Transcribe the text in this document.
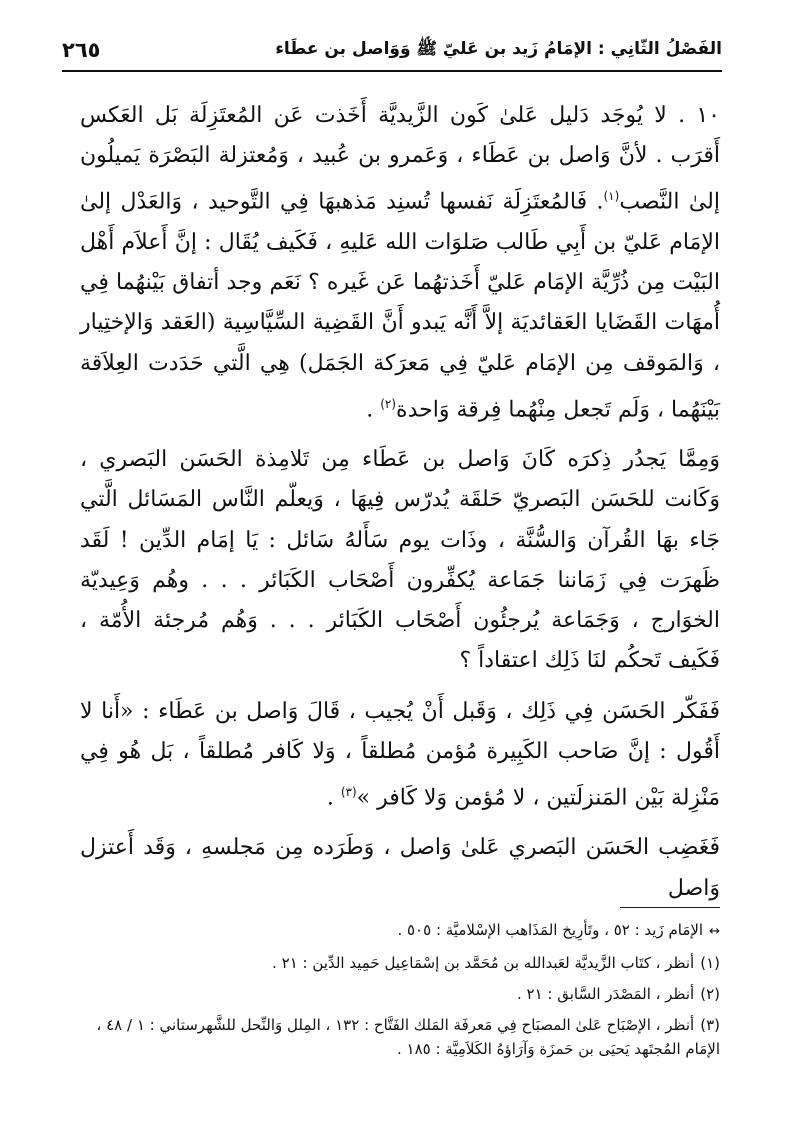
الفَصْلُ الثّانِي : الإمَامُ زَيد بن عَليّ ﷺ وَوَاصل بن عطَاء
٢٦٥

١٠ . لا يُوجَد دَليل عَلىٰ كَون الزَّيديَّة أَخَذت عَن المُعتَزِلَة بَل العَكس أَقرَب . لأنَّ وَاصل بن عَطَاء ، وَعَمرو بن عُبيد ، وَمُعتزلة البَصْرَة يَميلُون إلىٰ النَّصب$^{(١)}$. فَالمُعتَزِلَة نَفسها تُسنِد مَذهبهَا فِي التَّوحيد ، وَالعَدْل إلىٰ الإمَام عَليّ بن أَبِي طَالب صَلوَات الله عَليهِ ، فَكَيف يُقَال : إنَّ أَعلاَم أَهْل البَيْت مِن ذُرِّيَّة الإمَام عَليّ أَخَذتهُما عَن غَيره ؟ نَعَم وجد أتفاق بَيْنهُما فِي أُمهَات القَضَايا العَقائديَة إلاَّ أَنَّه يَبدو أَنَّ القَضِية السِّيَّاسِية (العَقد وَالإختِيار ، وَالمَوقف مِن الإمَام عَليّ فِي مَعرَكة الجَمَل) هِي الَّتي حَدَدت العِلاَقة بَيْنَهُما ، وَلَم تَجعل مِنْهُما فِرقة وَاحدة$^{(٢)}$ .

وَمِمَّا يَجدُر ذِكرَه كَانَ وَاصل بن عَطَاء مِن تَلامِذة الحَسَن البَصري ، وَكَانت للحَسَن البَصريّ حَلقَة يُدرّس فِيهَا ، وَيعلّم النَّاس المَسَائل الَّتي جَاء بهَا القُرآن وَالسُّنَّة ، وذَات يوم سَأَلهُ سَائل : يَا إمَام الدِّين ! لَقَد ظَهرَت فِي زَمَاننا جَمَاعة يُكفِّرون أَصْحَاب الكَبَائر . . . وهُم وَعِيديّة الخوَارج ، وَجَمَاعة يُرجئُون أَصْحَاب الكَبَائر . . . وَهُم مُرجئة الأُمّة ، فَكَيف تَحكُم لنَا ذَلِك اعتقاداً ؟

فَفَكّر الحَسَن فِي ذَلِك ، وَقَبل أَنْ يُجيب ، قَالَ وَاصل بن عَطَاء : «أَنا لا أَقُول : إنَّ صَاحب الكَبِيرة مُؤمن مُطلقاً ، وَلا كَافر مُطلقاً ، بَل هُو فِي مَنْزِلة بَيْن المَنزلَتين ، لا مُؤمن وَلا كَافر »$^{(٣)}$ .

فَغَضِب الحَسَن البَصري عَلىٰ وَاصل ، وَطَرَده مِن مَجلسهِ ، وَقَد أَعتزل وَاصل

↔الإمَام زَيد : ٥٢ ، وتَأرِيخ المَذَاهب الإسْلاميَّة : ٥٠٥ .

(١)أنظر ، كتَاب الزَّيديَّة لعَبدالله بن مُحَمَّد بن إسْمَاعِيل حَمِيد الدِّين : ٢١ .

(٢)أنظر ، المَصْدَر السَّابق : ٢١ .

(٣)أنظر ، الإصْبَاح عَلىٰ المصبَاح فِي مَعرفَة المَلك الفَتَّاح : ١٣٢ ، المِلل وَالنِّحل للشَّهرستاني : ١ / ٤٨ ، الإمَام المُجتَهد يَحيَى بن حَمزَة وَآرَاؤهُ الكَلاَمِيَّة : ١٨٥ .
